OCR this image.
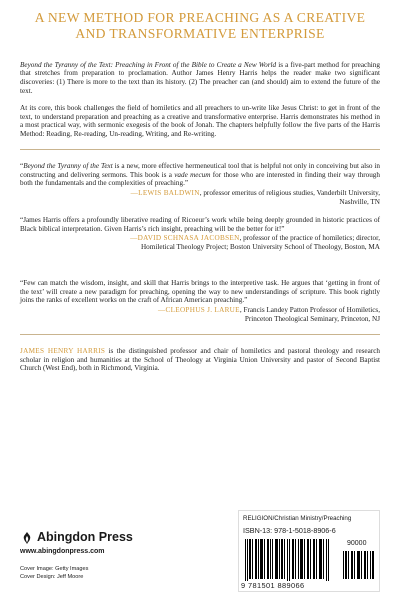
A NEW METHOD FOR PREACHING AS A CREATIVE AND TRANSFORMATIVE ENTERPRISE

Beyond the Tyranny of the Text: Preaching in Front of the Bible to Create a New World is a five-part method for preaching that stretches from preparation to proclamation. Author James Henry Harris helps the reader make two significant discoveries: (1) There is more to the text than its history. (2) The preacher can (and should) aim to extend the future of the text.

At its core, this book challenges the field of homiletics and all preachers to un-write like Jesus Christ: to get in front of the text, to understand preparation and preaching as a creative and transformative enterprise. Harris demonstrates his method in a most practical way, with sermonic exegesis of the book of Jonah. The chapters helpfully follow the five parts of the Harris Method: Reading, Re-reading, Un-reading, Writing, and Re-writing.

“Beyond the Tyranny of the Text is a new, more effective hermeneutical tool that is helpful not only in conceiving but also in constructing and delivering sermons. This book is a vade mecum for those who are interested in finding their way through both the fundamentals and the complexities of preaching.”

—LEWIS BALDWIN, professor emeritus of religious studies, Vanderbilt University,
Nashville, TN

“James Harris offers a profoundly liberative reading of Ricoeur’s work while being deeply grounded in historic practices of Black biblical interpretation. Given Harris’s rich insight, preaching will be the better for it!”

—DAVID SCHNASA JACOBSEN, professor of the practice of homiletics; director,
Homiletical Theology Project; Boston University School of Theology, Boston, MA

“Few can match the wisdom, insight, and skill that Harris brings to the interpretive task. He argues that ‘getting in front of the text’ will create a new paradigm for preaching, opening the way to new understandings of scripture. This book rightly joins the ranks of excellent works on the craft of African American preaching.”

—CLEOPHUS J. LARUE, Francis Landey Patton Professor of Homiletics,
Princeton Theological Seminary, Princeton, NJ

JAMES HENRY HARRIS is the distinguished professor and chair of homiletics and pastoral theology and research scholar in religion and humanities at the School of Theology at Virginia Union University and pastor of Second Baptist Church (West End), both in Richmond, Virginia.

Abingdon Press
www.abingdonpress.com
Cover Image: Getty Images
Cover Design: Jeff Moore
RELIGION/Christian Ministry/Preaching
ISBN-13: 978-1-5018-8906-6
90000
9 781501 889066
